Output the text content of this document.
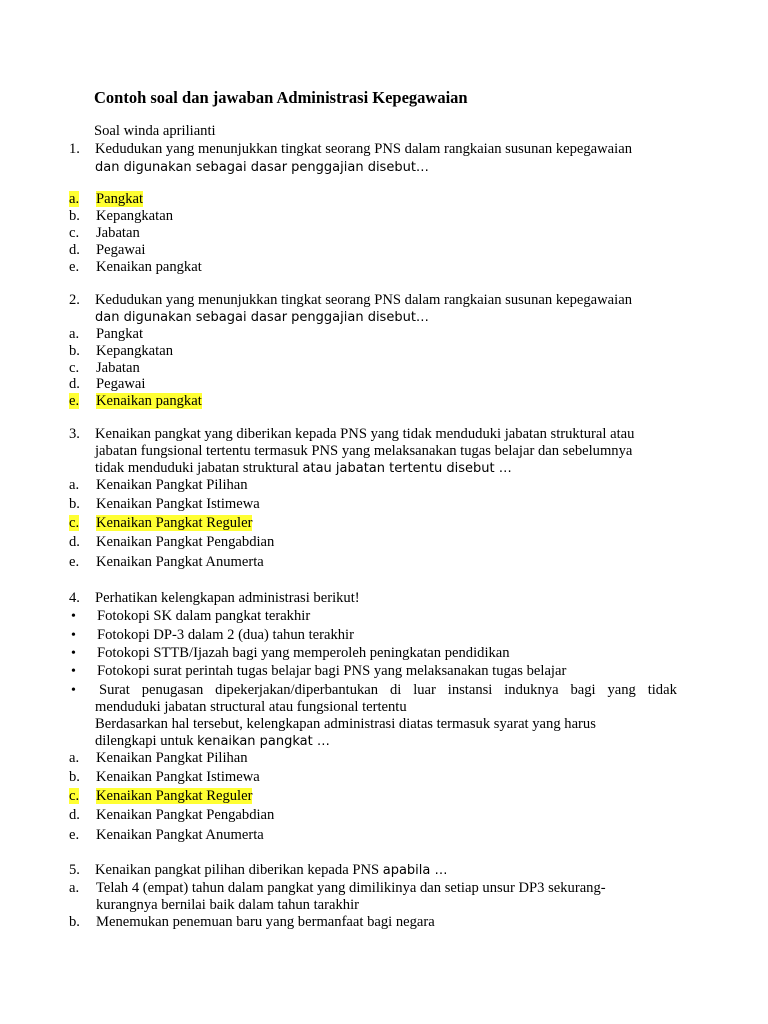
Contoh soal dan jawaban Administrasi Kepegawaian
Soal winda aprilianti
1. Kedudukan yang menunjukkan tingkat seorang PNS dalam rangkaian susunan kepegawaian
dan digunakan sebagai dasar penggajian disebut…
a. Pangkat
b. Kepangkatan
c. Jabatan
d. Pegawai
e. Kenaikan pangkat
2. Kedudukan yang menunjukkan tingkat seorang PNS dalam rangkaian susunan kepegawaian
dan digunakan sebagai dasar penggajian disebut…
a. Pangkat
b. Kepangkatan
c. Jabatan
d. Pegawai
e. Kenaikan pangkat
3. Kenaikan pangkat yang diberikan kepada PNS yang tidak menduduki jabatan struktural atau
jabatan fungsional tertentu termasuk PNS yang melaksanakan tugas belajar dan sebelumnya
tidak menduduki jabatan struktural atau jabatan tertentu disebut …
a. Kenaikan Pangkat Pilihan
b. Kenaikan Pangkat Istimewa
c. Kenaikan Pangkat Reguler
d. Kenaikan Pangkat Pengabdian
e. Kenaikan Pangkat Anumerta
4. Perhatikan kelengkapan administrasi berikut!
• Fotokopi SK dalam pangkat terakhir
• Fotokopi DP-3 dalam 2 (dua) tahun terakhir
• Fotokopi STTB/Ijazah bagi yang memperoleh peningkatan pendidikan
• Fotokopi surat perintah tugas belajar bagi PNS yang melaksanakan tugas belajar
• Surat penugasan dipekerjakan/diperbantukan di luar instansi induknya bagi yang tidak
menduduki jabatan structural atau fungsional tertentu
Berdasarkan hal tersebut, kelengkapan administrasi diatas termasuk syarat yang harus
dilengkapi untuk kenaikan pangkat …
a. Kenaikan Pangkat Pilihan
b. Kenaikan Pangkat Istimewa
c. Kenaikan Pangkat Reguler
d. Kenaikan Pangkat Pengabdian
e. Kenaikan Pangkat Anumerta
5. Kenaikan pangkat pilihan diberikan kepada PNS apabila …
a. Telah 4 (empat) tahun dalam pangkat yang dimilikinya dan setiap unsur DP3 sekurang-
kurangnya bernilai baik dalam tahun tarakhir
b. Menemukan penemuan baru yang bermanfaat bagi negara
